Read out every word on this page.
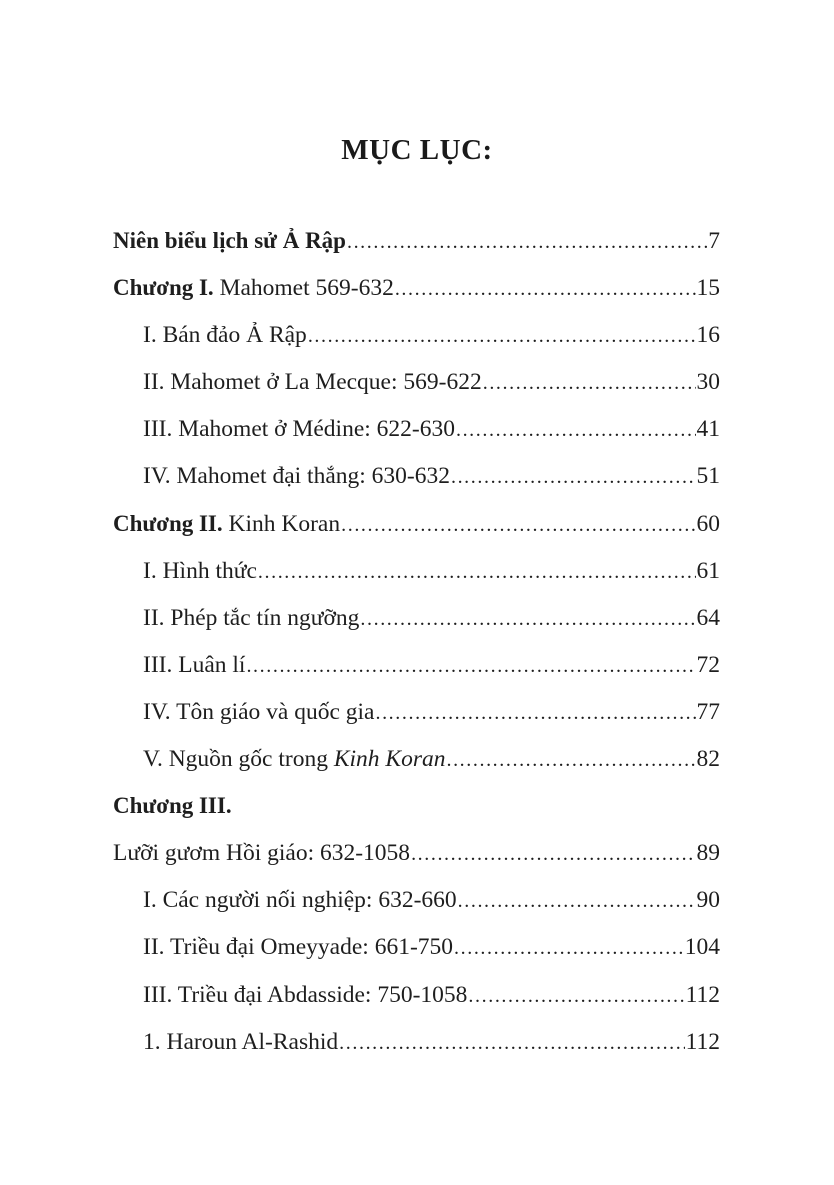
MỤC LỤC:
Niên biểu lịch sử Ả Rập .....	7
Chương I. Mahomet 569-632 .....	15
I. Bán đảo Ả Rập .....	16
II. Mahomet ở La Mecque: 569-622 .....	30
III. Mahomet ở Médine: 622-630 .....	41
IV. Mahomet đại thắng: 630-632 .....	51
Chương II. Kinh Koran .....	60
I. Hình thức .....	61
II. Phép tắc tín ngưỡng .....	64
III. Luân lí .....	72
IV. Tôn giáo và quốc gia .....	77
V. Nguồn gốc trong Kinh Koran .....	82
Chương III.
Lưỡi gươm Hồi giáo: 632-1058 .....	89
I. Các người nối nghiệp: 632-660 .....	90
II. Triều đại Omeyyade: 661-750 .....	104
III. Triều đại Abdasside: 750-1058 .....	112
1. Haroun Al-Rashid .....	112
